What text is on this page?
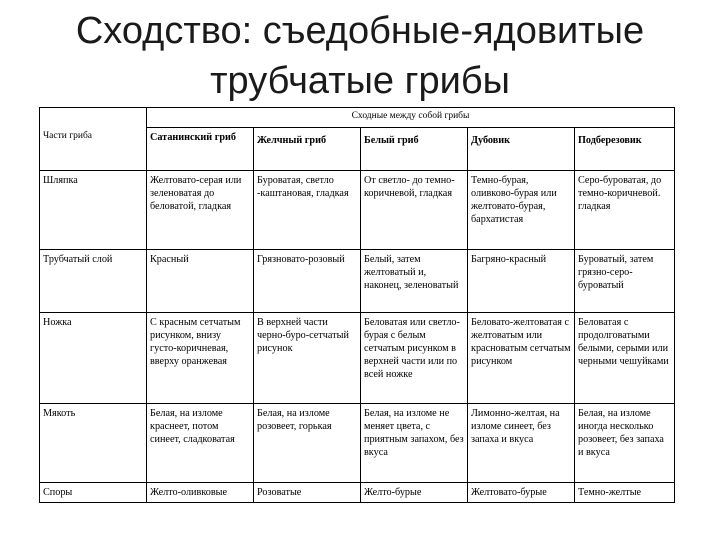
Сходство: съедобные-ядовитые
трубчатые грибы
	Сходные между собой грибы				
Части гриба	Сатанинский гриб	Желчный гриб	Белый гриб	Дубовик	Подберезовик
Шляпка	Желтовато-серая или зеленоватая до беловатой, гладкая	Буроватая, светло -каштановая, гладкая	От светло- до темно-коричневой, гладкая	Темно-бурая, оливково-бурая или желтовато-бурая, бархатистая	Серо-буроватая, до темно-коричневой. гладкая
Трубчатый слой	Красный	Грязновато-розовый	Белый, затем желтоватый и, наконец, зеленоватый	Багряно-красный	Буроватый, затем грязно-серо-буроватый
Ножка	С красным сетчатым рисунком, внизу густо-коричневая, вверху оранжевая	В верхней части черно-буро-сетчатый рисунок	Беловатая или светло-бурая с белым сетчатым рисунком в верхней части или по всей ножке	Беловато-желтоватая с желтоватым или красноватым сетчатым рисунком	Беловатая с продолговатыми белыми, серыми или черными чешуйками
Мякоть	Белая, на изломе краснеет, потом синеет, сладковатая	Белая, на изломе розовеет, горькая	Белая, на изломе не меняет цвета, с приятным запахом, без вкуса	Лимонно-желтая, на изломе синеет, без запаха и вкуса	Белая, на изломе иногда несколько розовеет, без запаха и вкуса
Споры	Желто-оливковые	Розоватые	Желто-бурые	Желтовато-бурые	Темно-желтые
